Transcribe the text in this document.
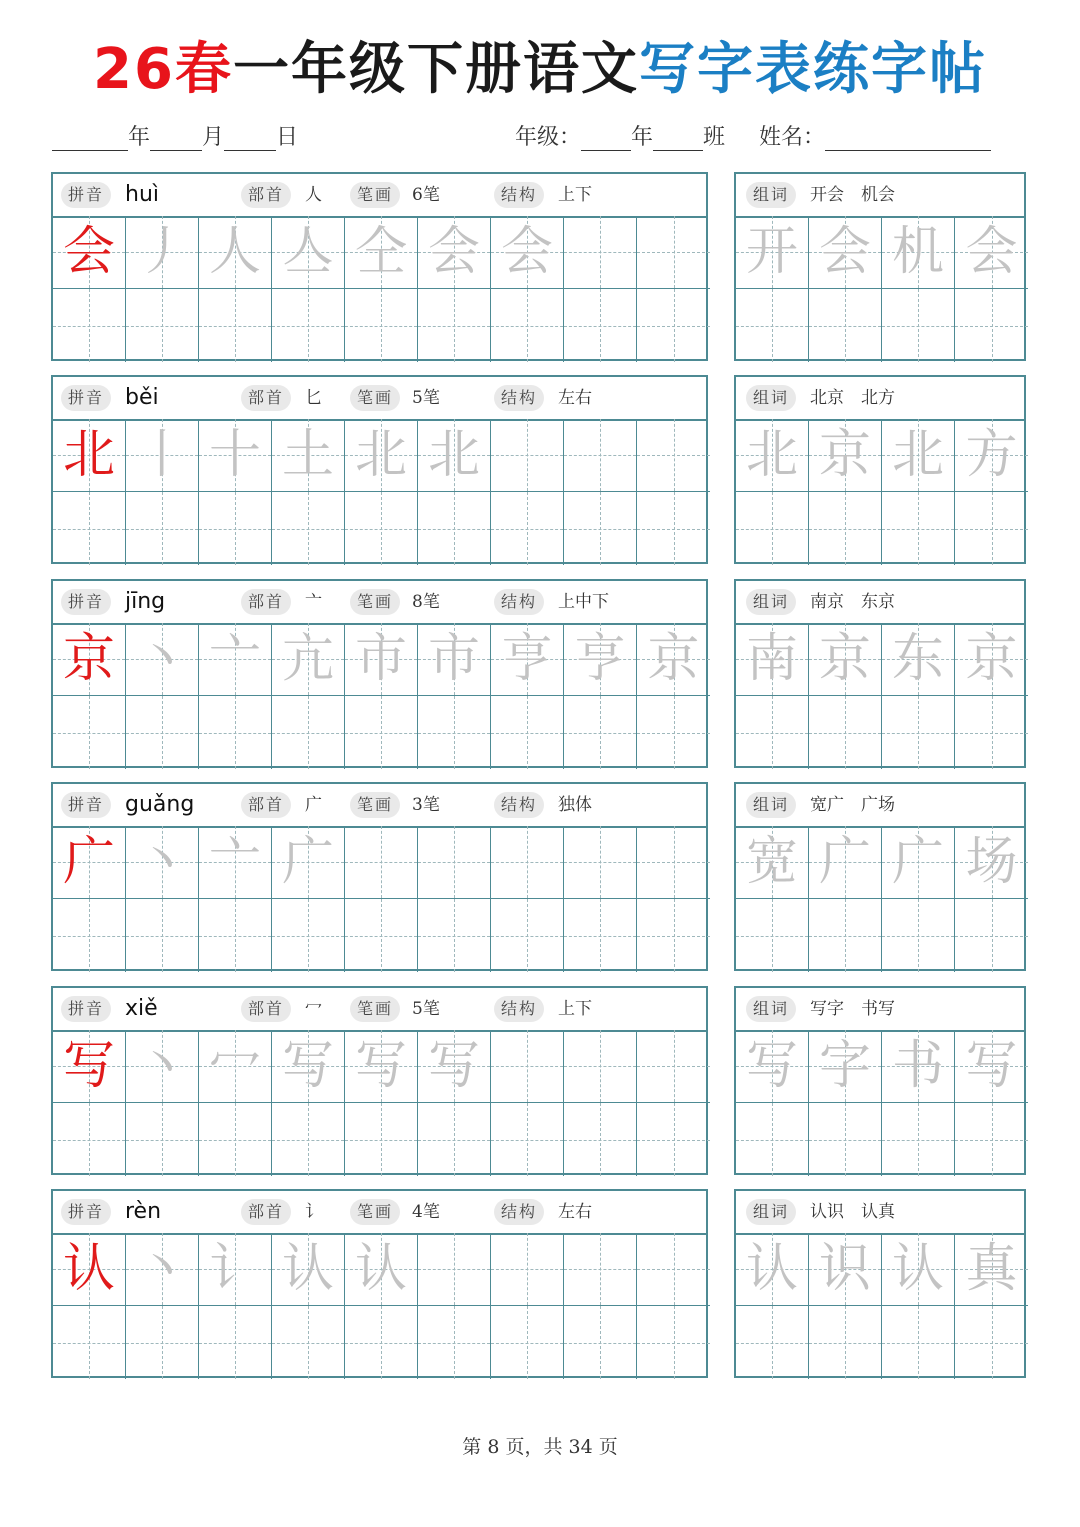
26春一年级下册语文写字表练字帖
年 月 日	年级： 年 班 姓名：
拼音 huì	部首	人	笔画	6笔	结构	上下
会 丿 人 亼 仝 会 会
组词	开会　机会
开 会 机 会
拼音 běi	部首	匕	笔画	5笔	结构	左右
北 丨 十 土 北 北
组词	北京　北方
北 京 北 方
拼音 jīng	部首	亠	笔画	8笔	结构	上中下
京 丶 亠 亢 市 市 亨 亨 京
组词	南京　东京
南 京 东 京
拼音 guǎng	部首	广	笔画	3笔	结构	独体
广 丶 亠 广
组词	宽广　广场
宽 广 广 场
拼音 xiě	部首	冖	笔画	5笔	结构	上下
写 丶 冖 写 写 写
组词	写字　书写
写 字 书 写
拼音 rèn	部首	讠	笔画	4笔	结构	左右
认 丶 讠 认 认
组词	认识　认真
认 识 认 真
第 8 页，共 34 页
